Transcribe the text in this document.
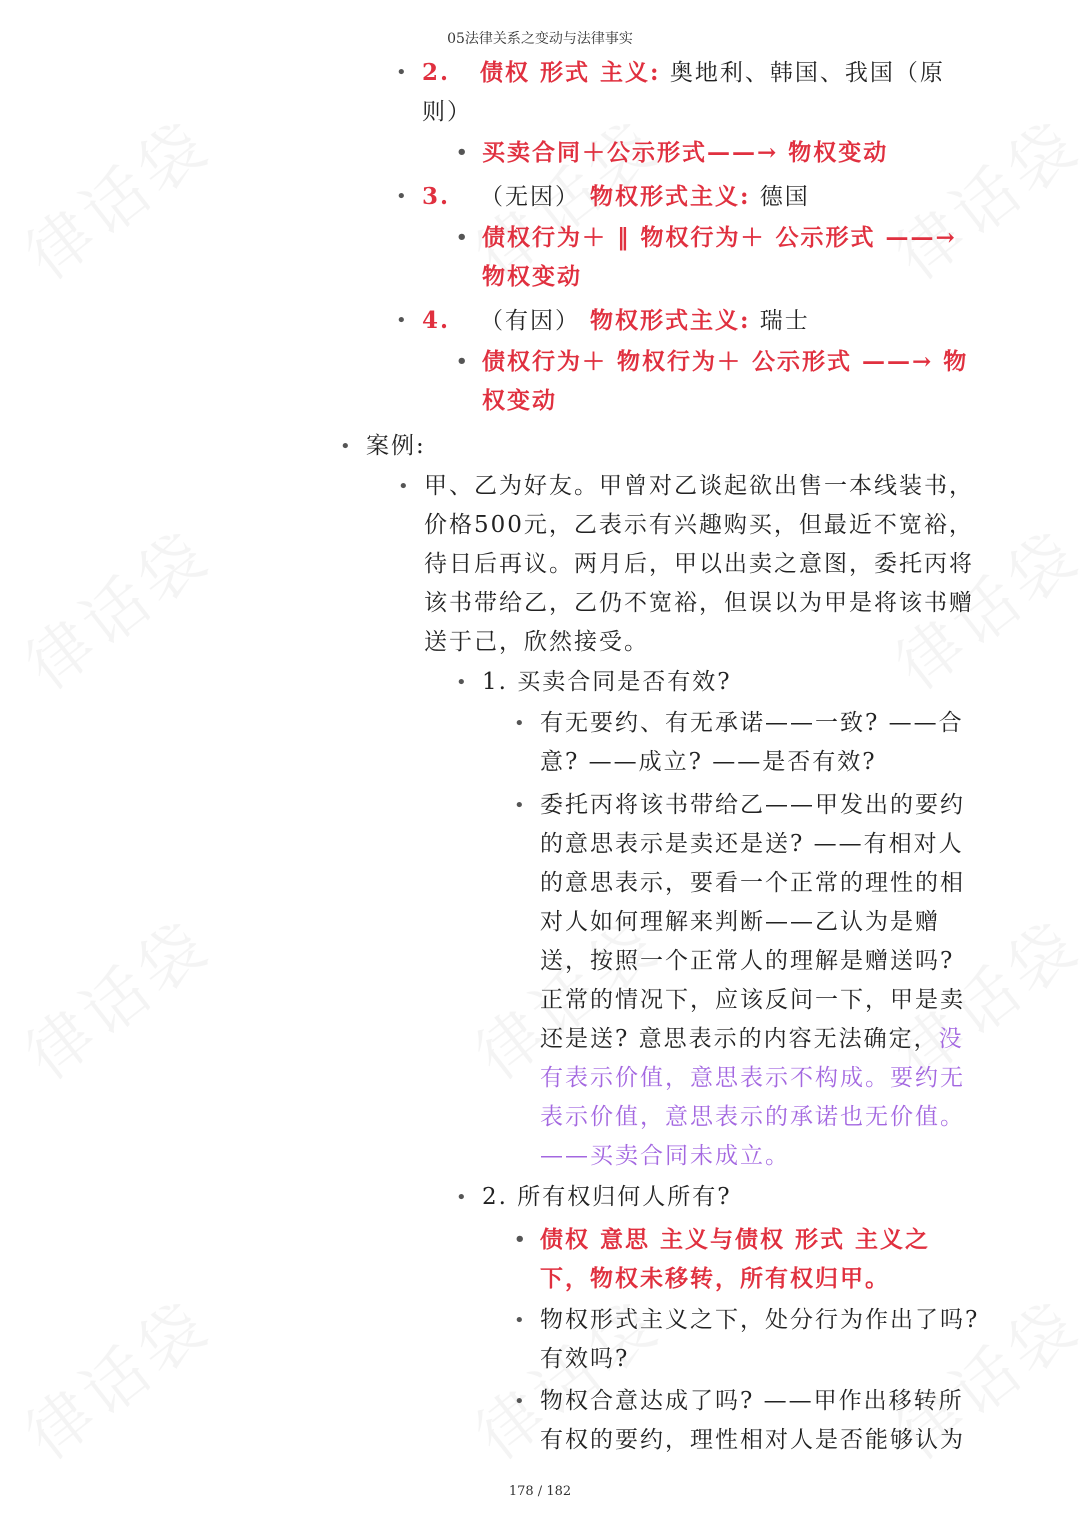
05法律关系之变动与法律事实
• 2. 债权 形式 主义: 奥地利、韩国、我国（原则）
• 买卖合同＋公示形式——→ 物权变动
• 3. （无因） 物权形式主义: 德国
• 债权行为＋ ‖ 物权行为＋ 公示形式 ——→ 物权变动
• 4. （有因） 物权形式主义: 瑞士
• 债权行为＋ 物权行为＋ 公示形式 ——→ 物权变动
• 案例:
• 甲、乙为好友。甲曾对乙谈起欲出售一本线装书，价格500元，乙表示有兴趣购买，但最近不宽裕，待日后再议。两月后，甲以出卖之意图，委托丙将该书带给乙，乙仍不宽裕，但误以为甲是将该书赠送于己，欣然接受。
• 1. 买卖合同是否有效?
• 有无要约、有无承诺——一致? ——合意? ——成立? ——是否有效?
• 委托丙将该书带给乙——甲发出的要约的意思表示是卖还是送? ——有相对人的意思表示，要看一个正常的理性的相对人如何理解来判断——乙认为是赠送，按照一个正常人的理解是赠送吗? 正常的情况下，应该反问一下，甲是卖还是送? 意思表示的内容无法确定，没有表示价值，意思表示不构成。要约无表示价值，意思表示的承诺也无价值。——买卖合同未成立。
• 2. 所有权归何人所有?
• 债权 意思 主义与债权 形式 主义之下，物权未移转，所有权归甲。
• 物权形式主义之下，处分行为作出了吗? 有效吗?
• 物权合意达成了吗? ——甲作出移转所有权的要约，理性相对人是否能够认为
178 / 182
